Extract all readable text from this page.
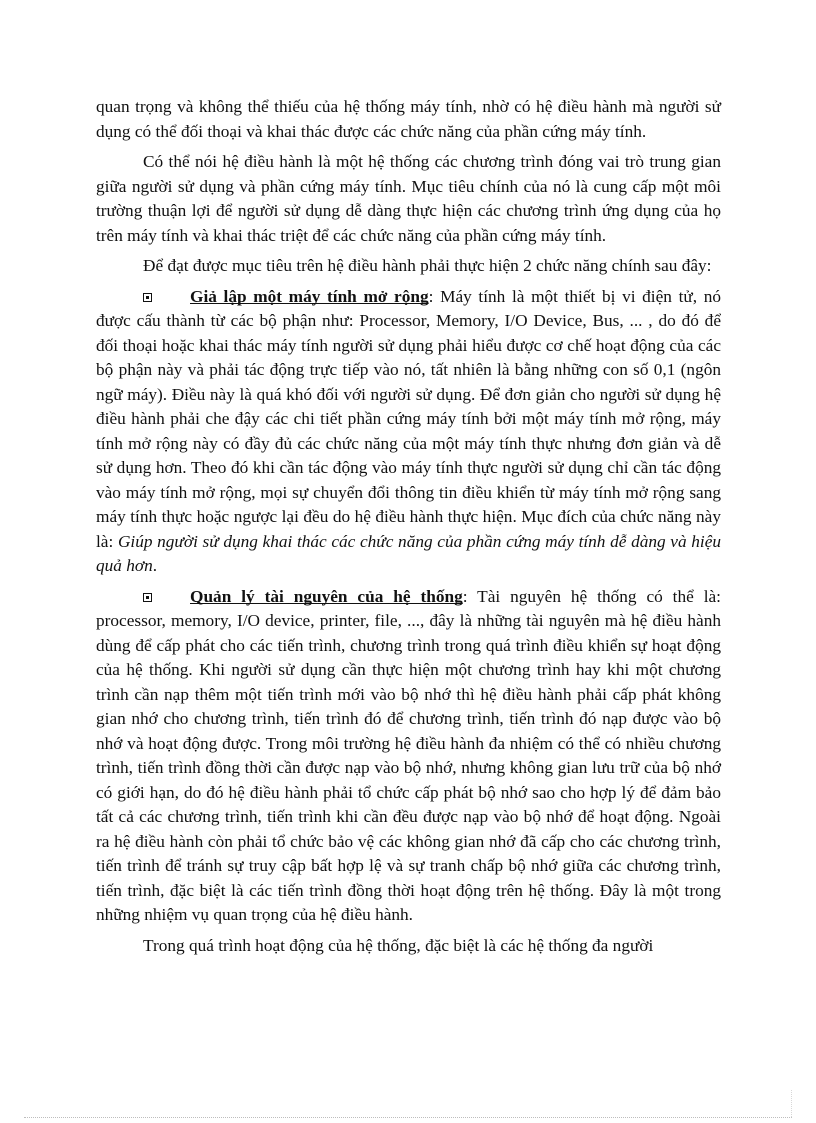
quan trọng và không thể thiếu của hệ thống máy tính, nhờ có hệ điều hành mà người sử dụng có thể đối thoại và khai thác được các chức năng của phần cứng máy tính.

Có thể nói hệ điều hành là một hệ thống các chương trình đóng vai trò trung gian giữa người sử dụng và phần cứng máy tính. Mục tiêu chính của nó là cung cấp một môi trường thuận lợi để người sử dụng dễ dàng thực hiện các chương trình ứng dụng của họ trên máy tính và khai thác triệt để các chức năng của phần cứng máy tính.

Để đạt được mục tiêu trên hệ điều hành phải thực hiện 2 chức năng chính sau đây:

Giả lập một máy tính mở rộng: Máy tính là một thiết bị vi điện tử, nó được cấu thành từ các bộ phận như: Processor, Memory, I/O Device, Bus, ... , do đó để đối thoại hoặc khai thác máy tính người sử dụng phải hiểu được cơ chế hoạt động của các bộ phận này và phải tác động trực tiếp vào nó, tất nhiên là bằng những con số 0,1 (ngôn ngữ máy). Điều này là quá khó đối với người sử dụng. Để đơn giản cho người sử dụng hệ điều hành phải che đậy các chi tiết phần cứng máy tính bởi một máy tính mở rộng, máy tính mở rộng này có đầy đủ các chức năng của một máy tính thực nhưng đơn giản và dễ sử dụng hơn. Theo đó khi cần tác động vào máy tính thực người sử dụng chỉ cần tác động vào máy tính mở rộng, mọi sự chuyển đổi thông tin điều khiển từ máy tính mở rộng sang máy tính thực hoặc ngược lại đều do hệ điều hành thực hiện. Mục đích của chức năng này là: Giúp người sử dụng khai thác các chức năng của phần cứng máy tính dễ dàng và hiệu quả hơn.

Quản lý tài nguyên của hệ thống: Tài nguyên hệ thống có thể là: processor, memory, I/O device, printer, file, ..., đây là những tài nguyên mà hệ điều hành dùng để cấp phát cho các tiến trình, chương trình trong quá trình điều khiển sự hoạt động của hệ thống. Khi người sử dụng cần thực hiện một chương trình hay khi một chương trình cần nạp thêm một tiến trình mới vào bộ nhớ thì hệ điều hành phải cấp phát không gian nhớ cho chương trình, tiến trình đó để chương trình, tiến trình đó nạp được vào bộ nhớ và hoạt động được. Trong môi trường hệ điều hành đa nhiệm có thể có nhiều chương trình, tiến trình đồng thời cần được nạp vào bộ nhớ, nhưng không gian lưu trữ của bộ nhớ có giới hạn, do đó hệ điều hành phải tổ chức cấp phát bộ nhớ sao cho hợp lý để đảm bảo tất cả các chương trình, tiến trình khi cần đều được nạp vào bộ nhớ để hoạt động. Ngoài ra hệ điều hành còn phải tổ chức bảo vệ các không gian nhớ đã cấp cho các chương trình, tiến trình để tránh sự truy cập bất hợp lệ và sự tranh chấp bộ nhớ giữa các chương trình, tiến trình, đặc biệt là các tiến trình đồng thời hoạt động trên hệ thống. Đây là một trong những nhiệm vụ quan trọng của hệ điều hành.

Trong quá trình hoạt động của hệ thống, đặc biệt là các hệ thống đa người
